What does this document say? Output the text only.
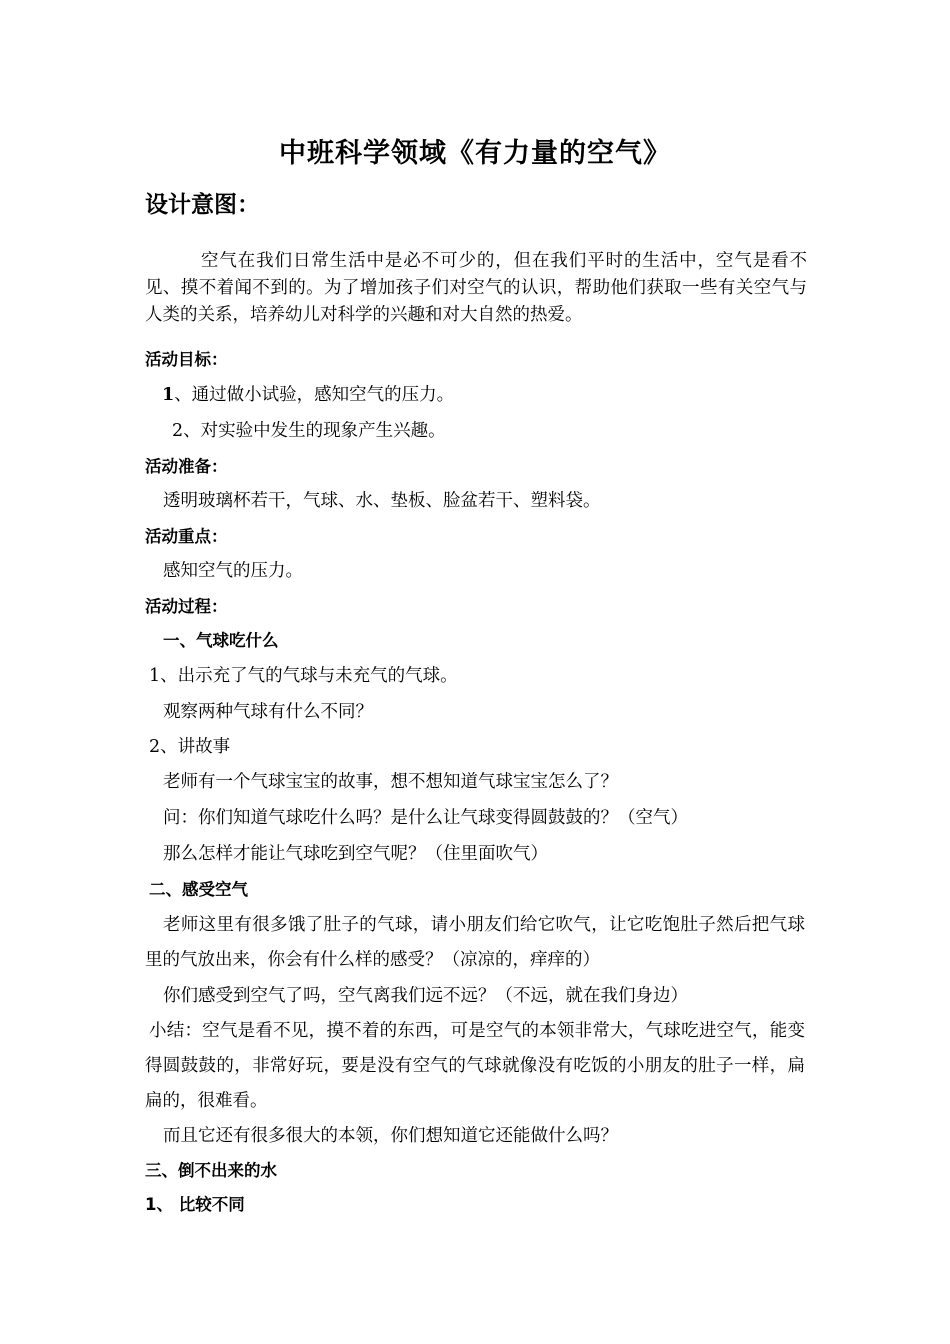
中班科学领域《有力量的空气》
设计意图：
空气在我们日常生活中是必不可少的，但在我们平时的生活中，空气是看不见、摸不着闻不到的。为了增加孩子们对空气的认识，帮助他们获取一些有关空气与人类的关系，培养幼儿对科学的兴趣和对大自然的热爱。
活动目标：
1、通过做小试验，感知空气的压力。
2、对实验中发生的现象产生兴趣。
活动准备：
透明玻璃杯若干，气球、水、垫板、脸盆若干、塑料袋。
活动重点：
感知空气的压力。
活动过程：
一、气球吃什么
1、出示充了气的气球与未充气的气球。
观察两种气球有什么不同？
2、讲故事
老师有一个气球宝宝的故事，想不想知道气球宝宝怎么了？
问：你们知道气球吃什么吗？是什么让气球变得圆鼓鼓的？（空气）
那么怎样才能让气球吃到空气呢？（住里面吹气）
二、感受空气
老师这里有很多饿了肚子的气球，请小朋友们给它吹气，让它吃饱肚子然后把气球里的气放出来，你会有什么样的感受？（凉凉的，痒痒的）
你们感受到空气了吗，空气离我们远不远？（不远，就在我们身边）
小结：空气是看不见，摸不着的东西，可是空气的本领非常大，气球吃进空气，能变得圆鼓鼓的，非常好玩，要是没有空气的气球就像没有吃饭的小朋友的肚子一样，扁扁的，很难看。
而且它还有很多很大的本领，你们想知道它还能做什么吗？
三、倒不出来的水
1、 比较不同
